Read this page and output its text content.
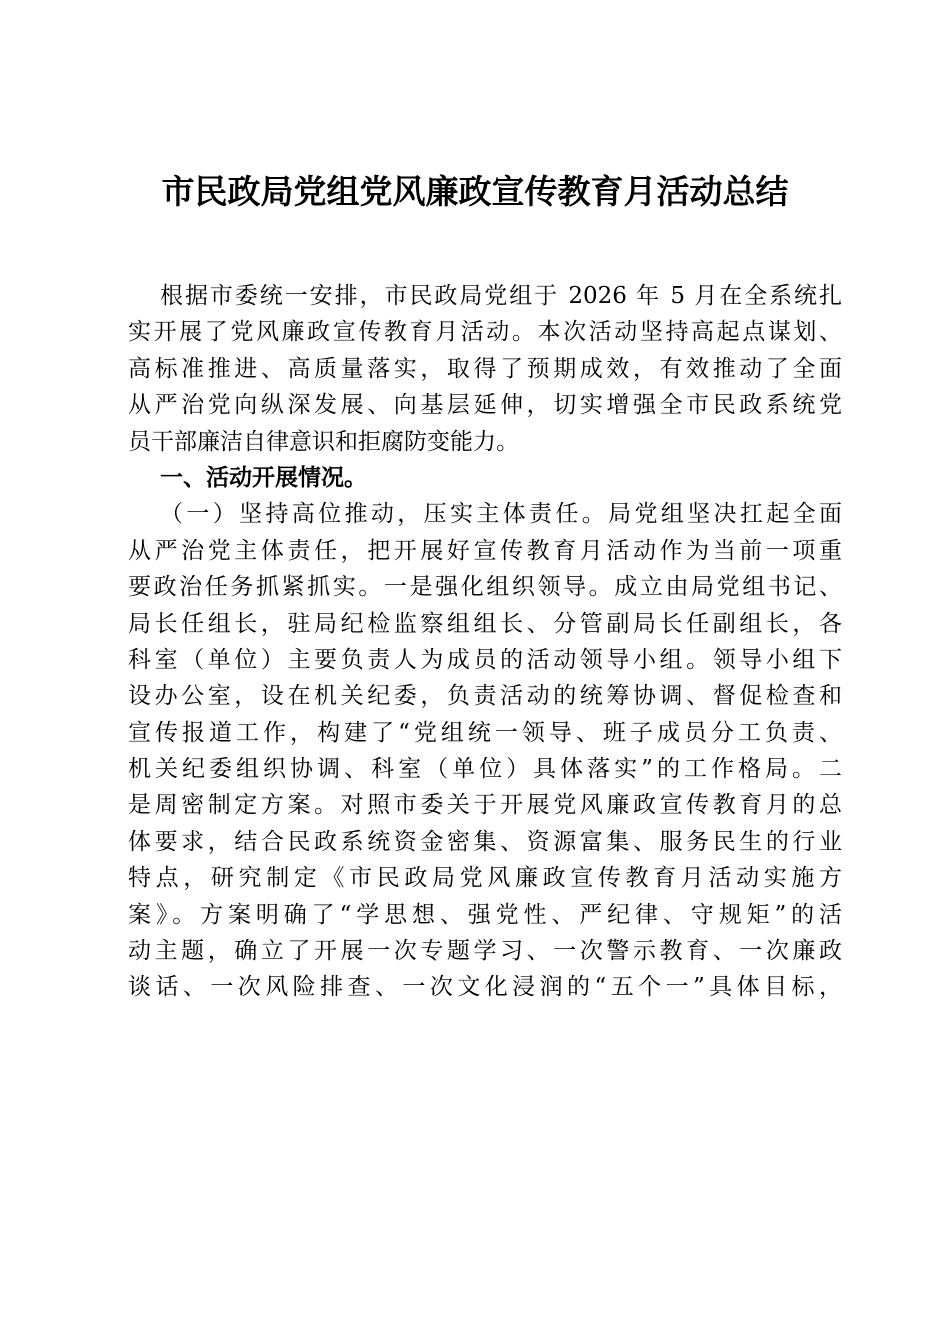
市民政局党组党风廉政宣传教育月活动总结
根据市委统一安排，市民政局党组于 2026 年 5 月在全系统扎
实开展了党风廉政宣传教育月活动。本次活动坚持高起点谋划、
高标准推进、高质量落实，取得了预期成效，有效推动了全面
从严治党向纵深发展、向基层延伸，切实增强全市民政系统党
员干部廉洁自律意识和拒腐防变能力。
一、活动开展情况。
（一）坚持高位推动，压实主体责任。局党组坚决扛起全面
从严治党主体责任，把开展好宣传教育月活动作为当前一项重
要政治任务抓紧抓实。一是强化组织领导。成立由局党组书记、
局长任组长，驻局纪检监察组组长、分管副局长任副组长，各
科室（单位）主要负责人为成员的活动领导小组。领导小组下
设办公室，设在机关纪委，负责活动的统筹协调、督促检查和
宣传报道工作，构建了“党组统一领导、班子成员分工负责、
机关纪委组织协调、科室（单位）具体落实”的工作格局。二
是周密制定方案。对照市委关于开展党风廉政宣传教育月的总
体要求，结合民政系统资金密集、资源富集、服务民生的行业
特点，研究制定《市民政局党风廉政宣传教育月活动实施方
案》。方案明确了“学思想、强党性、严纪律、守规矩”的活
动主题，确立了开展一次专题学习、一次警示教育、一次廉政
谈话、一次风险排查、一次文化浸润的“五个一”具体目标，
